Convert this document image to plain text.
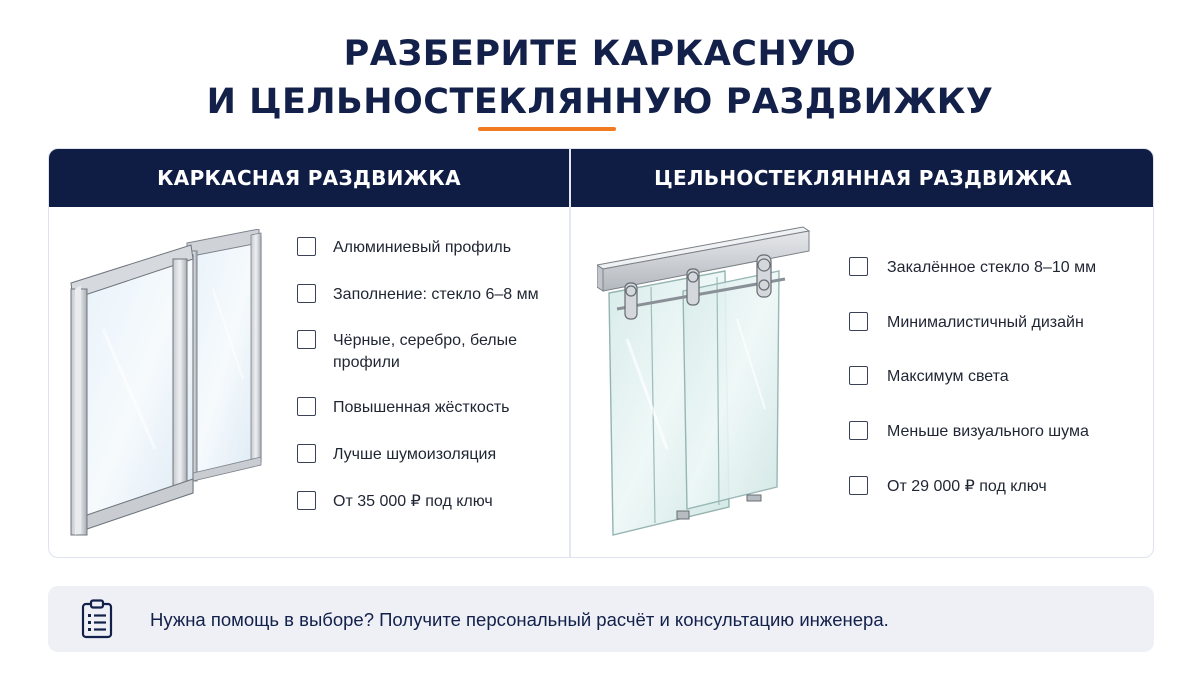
РАЗБЕРИТЕ КАРКАСНУЮ
И ЦЕЛЬНОСТЕКЛЯННУЮ РАЗДВИЖКУ
КАРКАСНАЯ РАЗДВИЖКА
Алюминиевый профиль
Заполнение: стекло 6–8 мм
Чёрные, серебро, белые профили
Повышенная жёсткость
Лучше шумоизоляция
От 35 000 ₽ под ключ
ЦЕЛЬНОСТЕКЛЯННАЯ РАЗДВИЖКА
Закалённое стекло 8–10 мм
Минималистичный дизайн
Максимум света
Меньше визуального шума
От 29 000 ₽ под ключ
Нужна помощь в выборе? Получите персональный расчёт и консультацию инженера.
